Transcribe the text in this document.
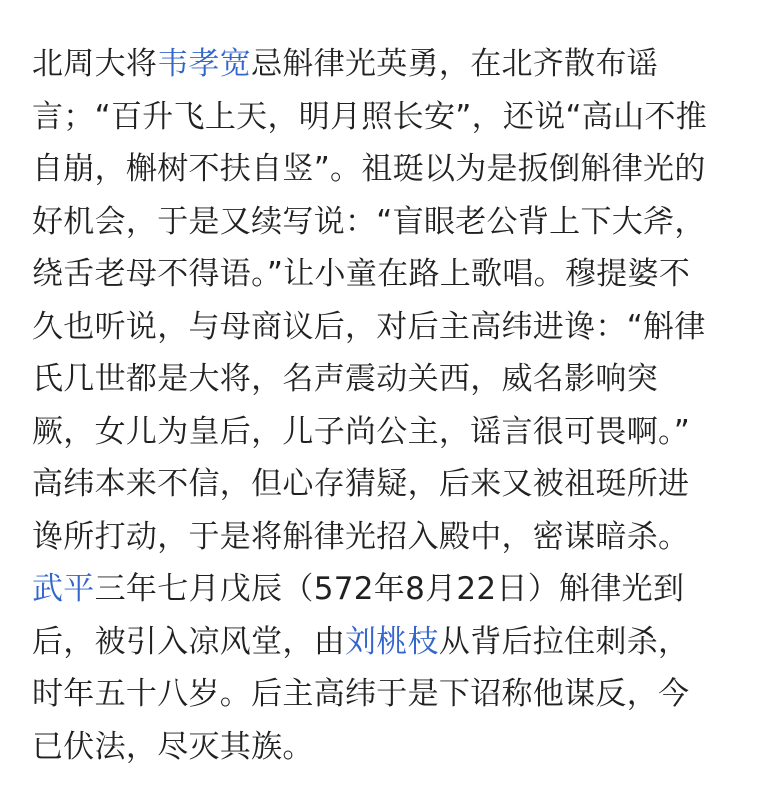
北周大将韦孝宽忌斛律光英勇，在北齐散布谣
言；“百升飞上天，明月照长安”，还说“高山不推
自崩，槲树不扶自竖”。祖珽以为是扳倒斛律光的
好机会，于是又续写说：“盲眼老公背上下大斧，
绕舌老母不得语。”让小童在路上歌唱。穆提婆不
久也听说，与母商议后，对后主高纬进谗：“斛律
氏几世都是大将，名声震动关西，威名影响突
厥，女儿为皇后，儿子尚公主，谣言很可畏啊。”
高纬本来不信，但心存猜疑，后来又被祖珽所进
谗所打动，于是将斛律光招入殿中，密谋暗杀。
武平三年七月戊辰（572年8月22日）斛律光到
后，被引入凉风堂，由刘桃枝从背后拉住刺杀，
时年五十八岁。后主高纬于是下诏称他谋反，今
已伏法，尽灭其族。
